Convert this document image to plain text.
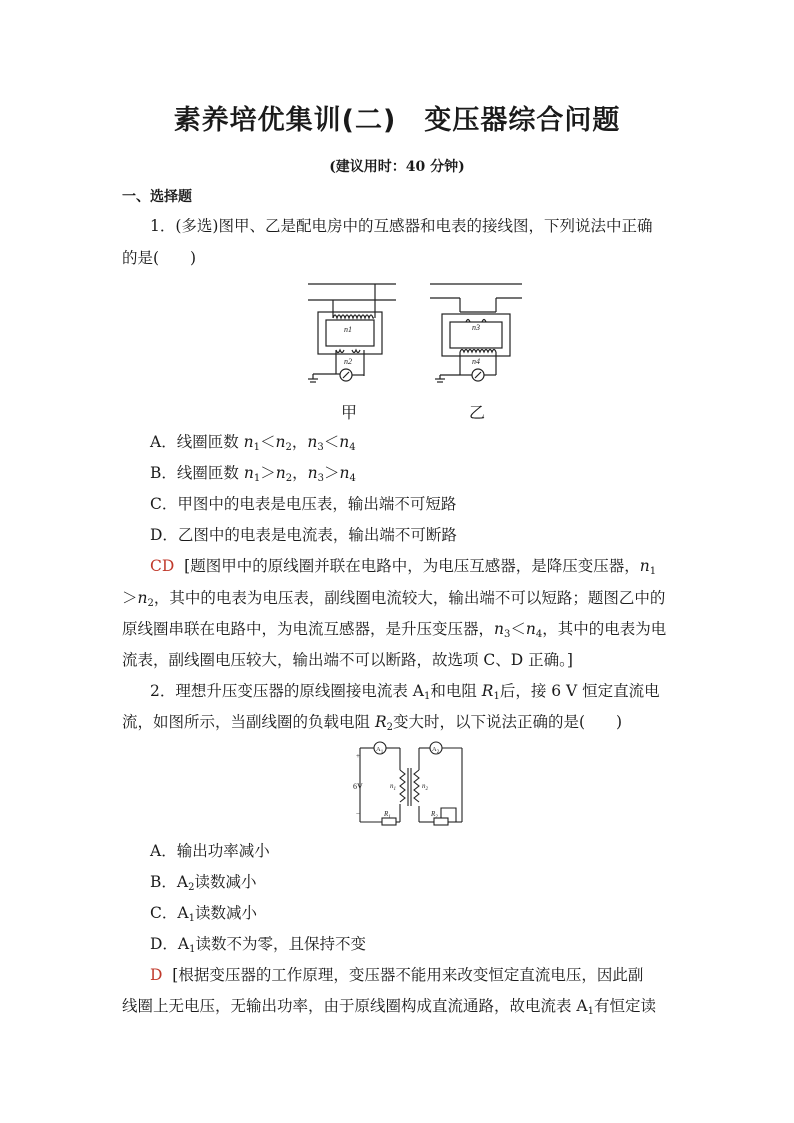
素养培优集训(二) 变压器综合问题
(建议用时：40 分钟)
一、选择题
1．(多选)图甲、乙是配电房中的互感器和电表的接线图，下列说法中正确
的是(　　)
n1
n2
n3
n4
甲	乙
A．线圈匝数 $n_1<n_2$，$n_3<n_4$
B．线圈匝数 $n_1>n_2$，$n_3>n_4$
C．甲图中的电表是电压表，输出端不可短路
D．乙图中的电表是电流表，输出端不可断路
CD [题图甲中的原线圈并联在电路中，为电压互感器，是降压变压器，$n_1$
$>n_2$，其中的电表为电压表，副线圈电流较大，输出端不可以短路；题图乙中的
原线圈串联在电路中，为电流互感器，是升压变压器，$n_3<n_4$，其中的电表为电
流表，副线圈电压较大，输出端不可以断路，故选项 C、D 正确。]
2．理想升压变压器的原线圈接电流表 $A_1$和电阻 $R_1$后，接 6 V 恒定直流电
流，如图所示，当副线圈的负载电阻 $R_2$变大时，以下说法正确的是(　　)
+
−
6V
$A_1$	$A_2$
$n_1$	$n_2$
$R_1$	$R_2$
A．输出功率减小
B．$A_2$读数减小
C．$A_1$读数减小
D．$A_1$读数不为零，且保持不变
D [根据变压器的工作原理，变压器不能用来改变恒定直流电压，因此副
线圈上无电压，无输出功率，由于原线圈构成直流通路，故电流表 $A_1$有恒定读
